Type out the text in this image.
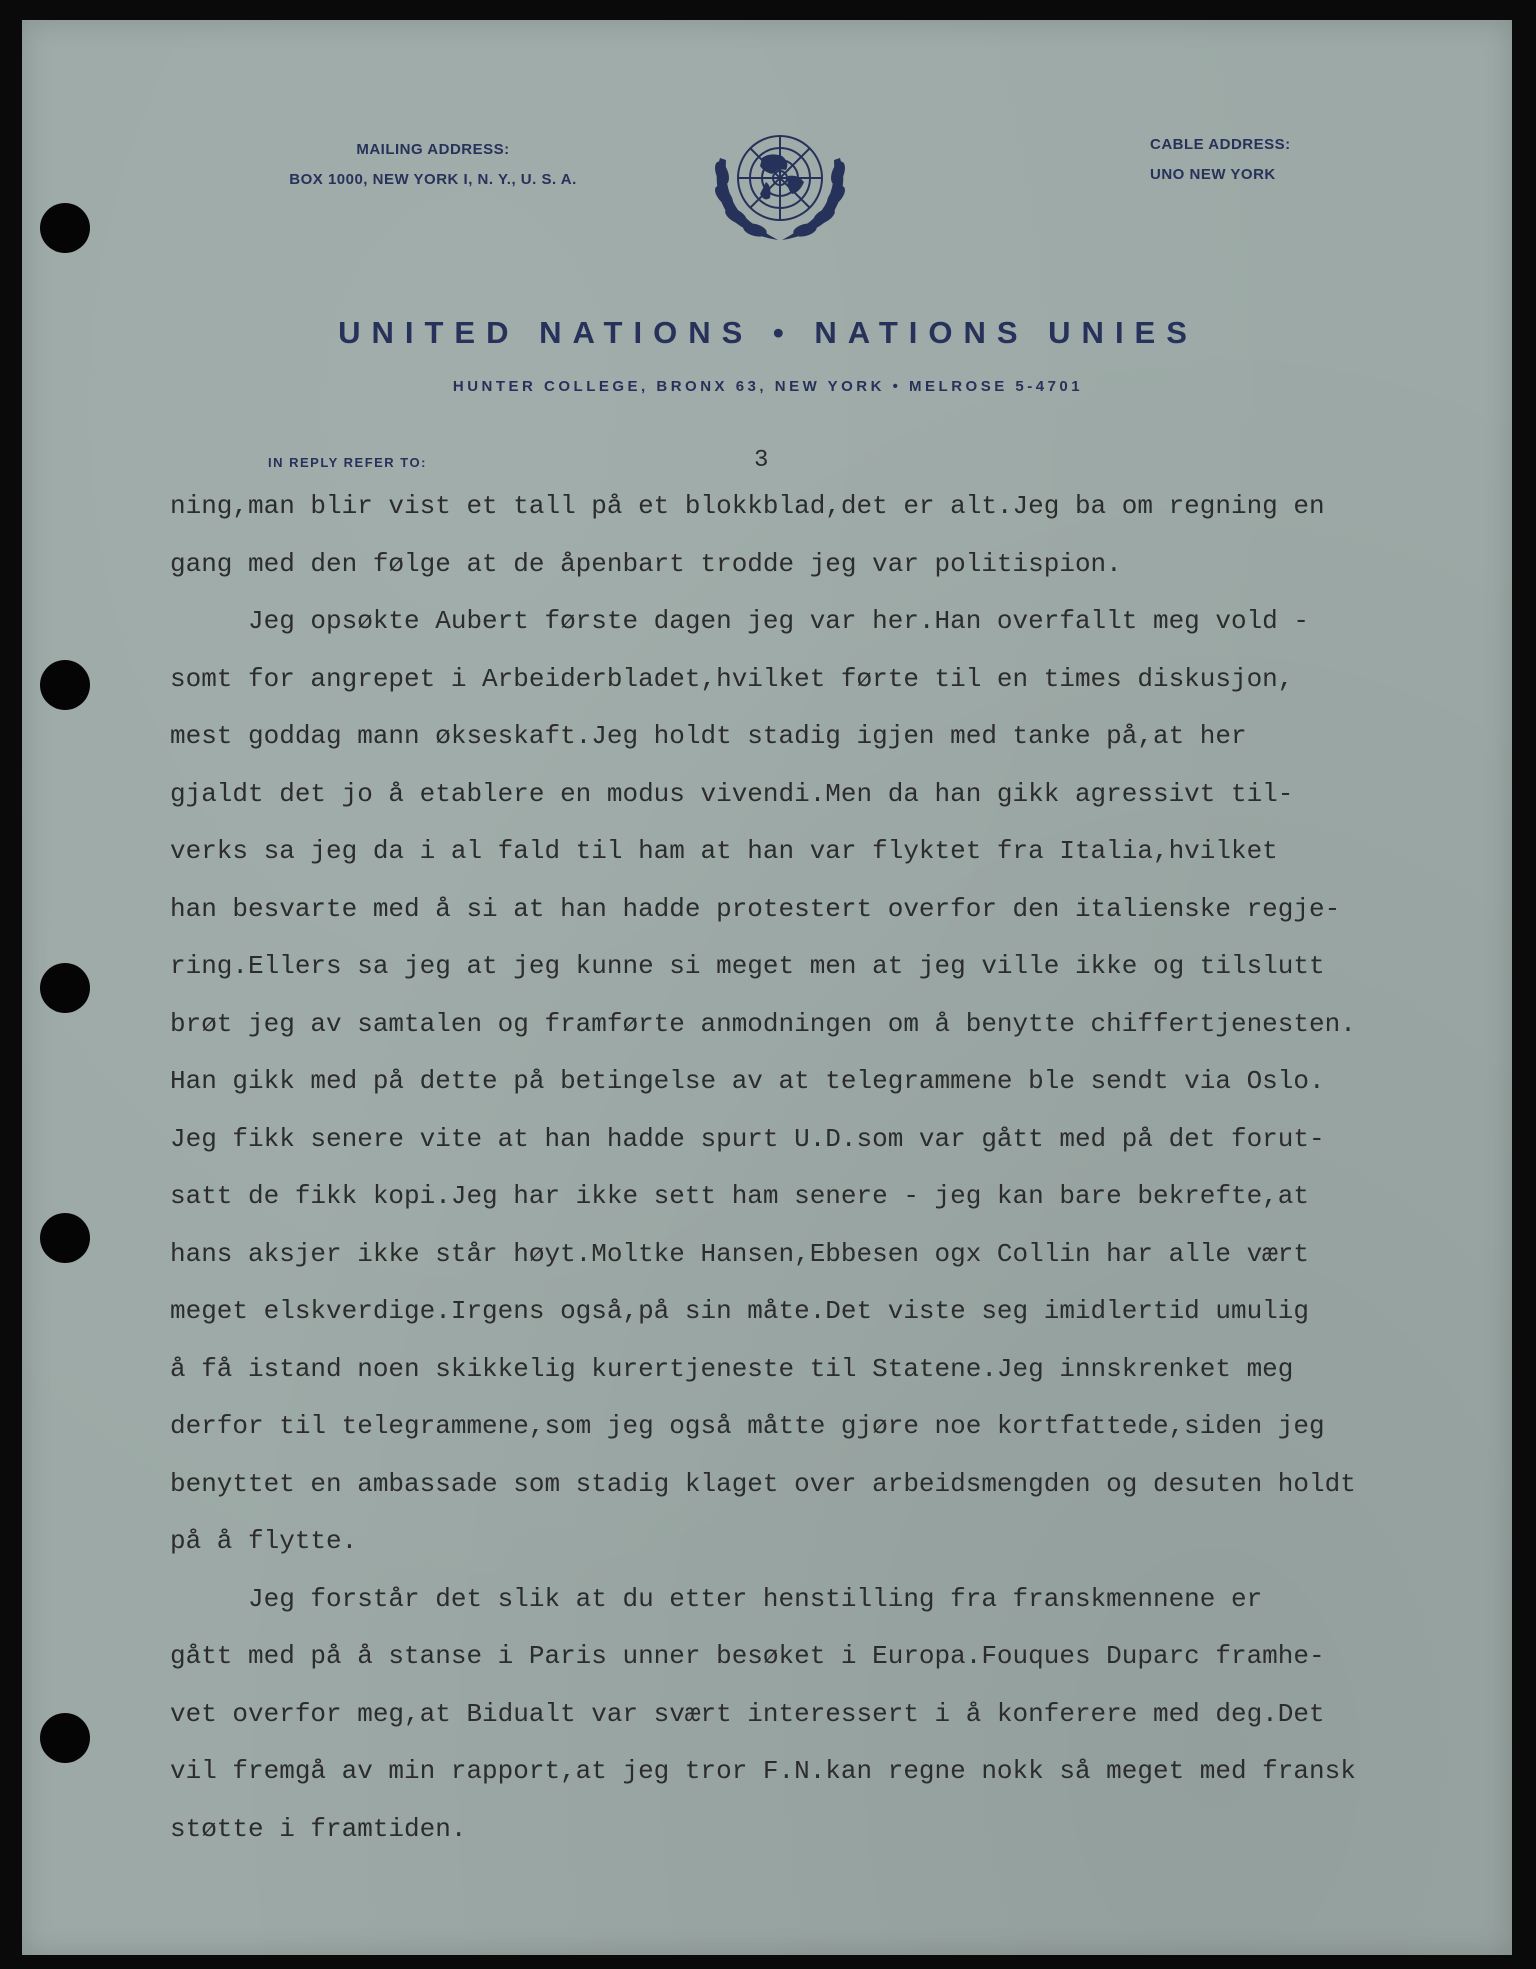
MAILING ADDRESS:
BOX 1000, NEW YORK I, N. Y., U. S. A.
CABLE ADDRESS:
UNO NEW YORK
UNITED NATIONS • NATIONS UNIES
HUNTER COLLEGE, BRONX 63, NEW YORK • MELROSE 5-4701
IN REPLY REFER TO:	3
ning,man blir vist et tall på et blokkblad,det er alt.Jeg ba om regning en
gang med den følge at de åpenbart trodde jeg var politispion.
Jeg opsøkte Aubert første dagen jeg var her.Han overfallt meg vold -
somt for angrepet i Arbeiderbladet,hvilket førte til en times diskusjon,
mest goddag mann økseskaft.Jeg holdt stadig igjen med tanke på,at her
gjaldt det jo å etablere en modus vivendi.Men da han gikk agressivt til-
verks sa jeg da i al fald til ham at han var flyktet fra Italia,hvilket
han besvarte med å si at han hadde protestert overfor den italienske regje-
ring.Ellers sa jeg at jeg kunne si meget men at jeg ville ikke og tilslutt
brøt jeg av samtalen og framførte anmodningen om å benytte chiffertjenesten.
Han gikk med på dette på betingelse av at telegrammene ble sendt via Oslo.
Jeg fikk senere vite at han hadde spurt U.D.som var gått med på det forut-
satt de fikk kopi.Jeg har ikke sett ham senere - jeg kan bare bekrefte,at
hans aksjer ikke står høyt.Moltke Hansen,Ebbesen ogx Collin har alle vært
meget elskverdige.Irgens også,på sin måte.Det viste seg imidlertid umulig
å få istand noen skikkelig kurertjeneste til Statene.Jeg innskrenket meg
derfor til telegrammene,som jeg også måtte gjøre noe kortfattede,siden jeg
benyttet en ambassade som stadig klaget over arbeidsmengden og desuten holdt
på å flytte.
Jeg forstår det slik at du etter henstilling fra franskmennene er
gått med på å stanse i Paris unner besøket i Europa.Fouques Duparc framhe-
vet overfor meg,at Bidualt var svært interessert i å konferere med deg.Det
vil fremgå av min rapport,at jeg tror F.N.kan regne nokk så meget med fransk
støtte i framtiden.
